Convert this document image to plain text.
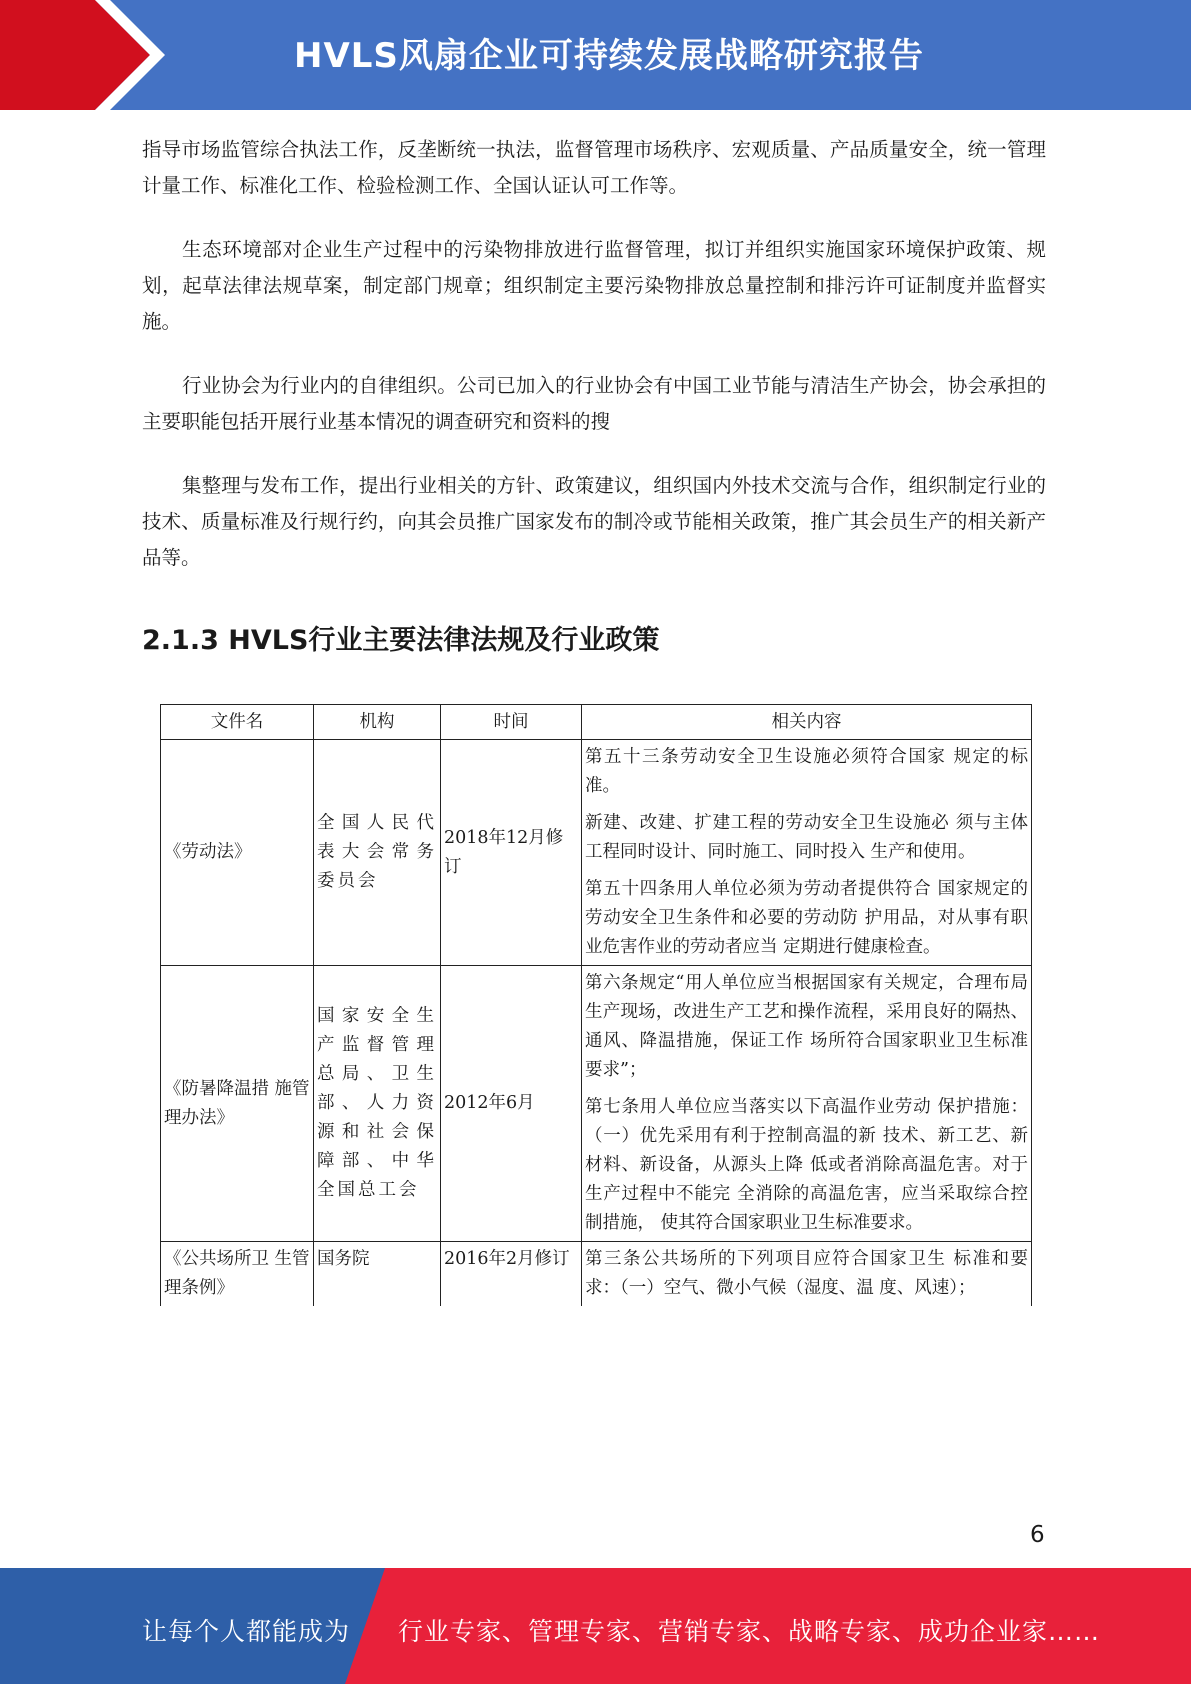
HVLS风扇企业可持续发展战略研究报告

指导市场监管综合执法工作，反垄断统一执法，监督管理市场秩序、宏观质量、产品质量安全，统一管理计量工作、标准化工作、检验检测工作、全国认证认可工作等。

生态环境部对企业生产过程中的污染物排放进行监督管理，拟订并组织实施国家环境保护政策、规划，起草法律法规草案，制定部门规章；组织制定主要污染物排放总量控制和排污许可证制度并监督实施。

行业协会为行业内的自律组织。公司已加入的行业协会有中国工业节能与清洁生产协会，协会承担的主要职能包括开展行业基本情况的调查研究和资料的搜

集整理与发布工作，提出行业相关的方针、政策建议，组织国内外技术交流与合作，组织制定行业的技术、质量标准及行规行约，向其会员推广国家发布的制冷或节能相关政策，推广其会员生产的相关新产品等。

2.1.3 HVLS行业主要法律法规及行业政策
文件名	机构	时间	相关内容
《劳动法》	全国人民代表大会常务委员会	2018年12月修订	第五十三条劳动安全卫生设施必须符合国家 规定的标准。
新建、改建、扩建工程的劳动安全卫生设施必 须与主体工程同时设计、同时施工、同时投入 生产和使用。
第五十四条用人单位必须为劳动者提供符合 国家规定的劳动安全卫生条件和必要的劳动防 护用品，对从事有职业危害作业的劳动者应当 定期进行健康检查。

《防暑降温措 施管理办法》	国家安全生产监督管理总局、卫生部、人力资源和社会保障部、中华全国总工会	2012年6月	第六条规定“用人单位应当根据国家有关规定，合理布局生产现场，改进生产工艺和操作流程，采用良好的隔热、通风、降温措施，保证工作 场所符合国家职业卫生标准要求”；
第七条用人单位应当落实以下高温作业劳动 保护措施：（一）优先采用有利于控制高温的新 技术、新工艺、新材料、新设备，从源头上降 低或者消除高温危害。对于生产过程中不能完 全消除的高温危害，应当采取综合控制措施， 使其符合国家职业卫生标准要求。

《公共场所卫 生管理条例》	国务院	2016年2月修订	第三条公共场所的下列项目应符合国家卫生 标准和要求：（一）空气、微小气候（湿度、温 度、风速）；
6
让每个人都能成为 行业专家、管理专家、营销专家、战略专家、成功企业家……
